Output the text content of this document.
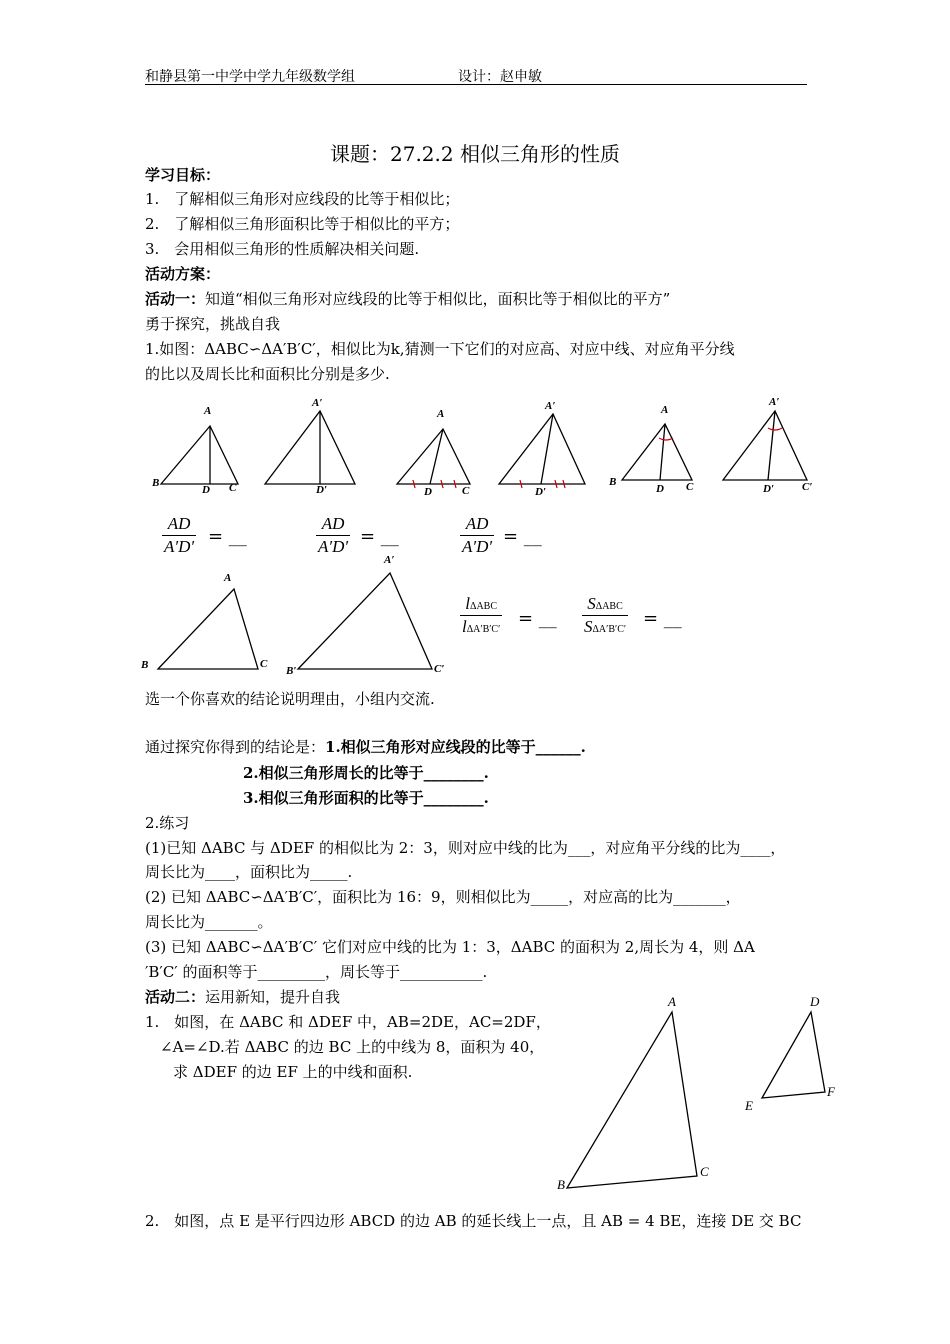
和静县第一中学中学九年级数学组	设计：赵申敏
课题：27.2.2 相似三角形的性质
学习目标：
1.　了解相似三角形对应线段的比等于相似比；
2.　了解相似三角形面积比等于相似比的平方；
3.　会用相似三角形的性质解决相关问题.
活动方案：
活动一：知道“相似三角形对应线段的比等于相似比，面积比等于相似比的平方”
勇于探究，挑战自我
1.如图：ΔABC∽ΔA′B′C′，相似比为k,猜测一下它们的对应高、对应中线、对应角平分线
的比以及周长比和面积比分别是多少.
A
B
D C
A′
D′
A
D	C
A′
D′
A
B
D C
A′
D′	C′
AD
A′D′ = __
AD
A′D′ = __
AD
A′D′ = __
A
B	C
B′	C′
A′
lΔABC
lΔA′B′C′
= __
SΔABC
SΔA′B′C′
= __
选一个你喜欢的结论说明理由，小组内交流.
通过探究你得到的结论是：1.相似三角形对应线段的比等于______.
2.相似三角形周长的比等于________.
3.相似三角形面积的比等于________.
2.练习
(1)已知 ΔABC 与 ΔDEF 的相似比为 2：3，则对应中线的比为___，对应角平分线的比为____，
周长比为____，面积比为_____.
(2) 已知 ΔABC∽ΔA′B′C′，面积比为 16：9，则相似比为_____，对应高的比为_______，
周长比为_______。
(3) 已知 ΔABC∽ΔA′B′C′ 它们对应中线的比为 1：3，ΔABC 的面积为 2,周长为 4，则 ΔA
′B′C′ 的面积等于_________，周长等于___________.
活动二：运用新知，提升自我
1.　如图，在 ΔABC 和 ΔDEF 中，AB=2DE，AC=2DF，
∠A=∠D.若 ΔABC 的边 BC 上的中线为 8，面积为 40，
求 ΔDEF 的边 EF 上的中线和面积.
A
B
C
D
E
F
2.　如图，点 E 是平行四边形 ABCD 的边 AB 的延长线上一点，且 AB = 4 BE，连接 DE 交 BC
